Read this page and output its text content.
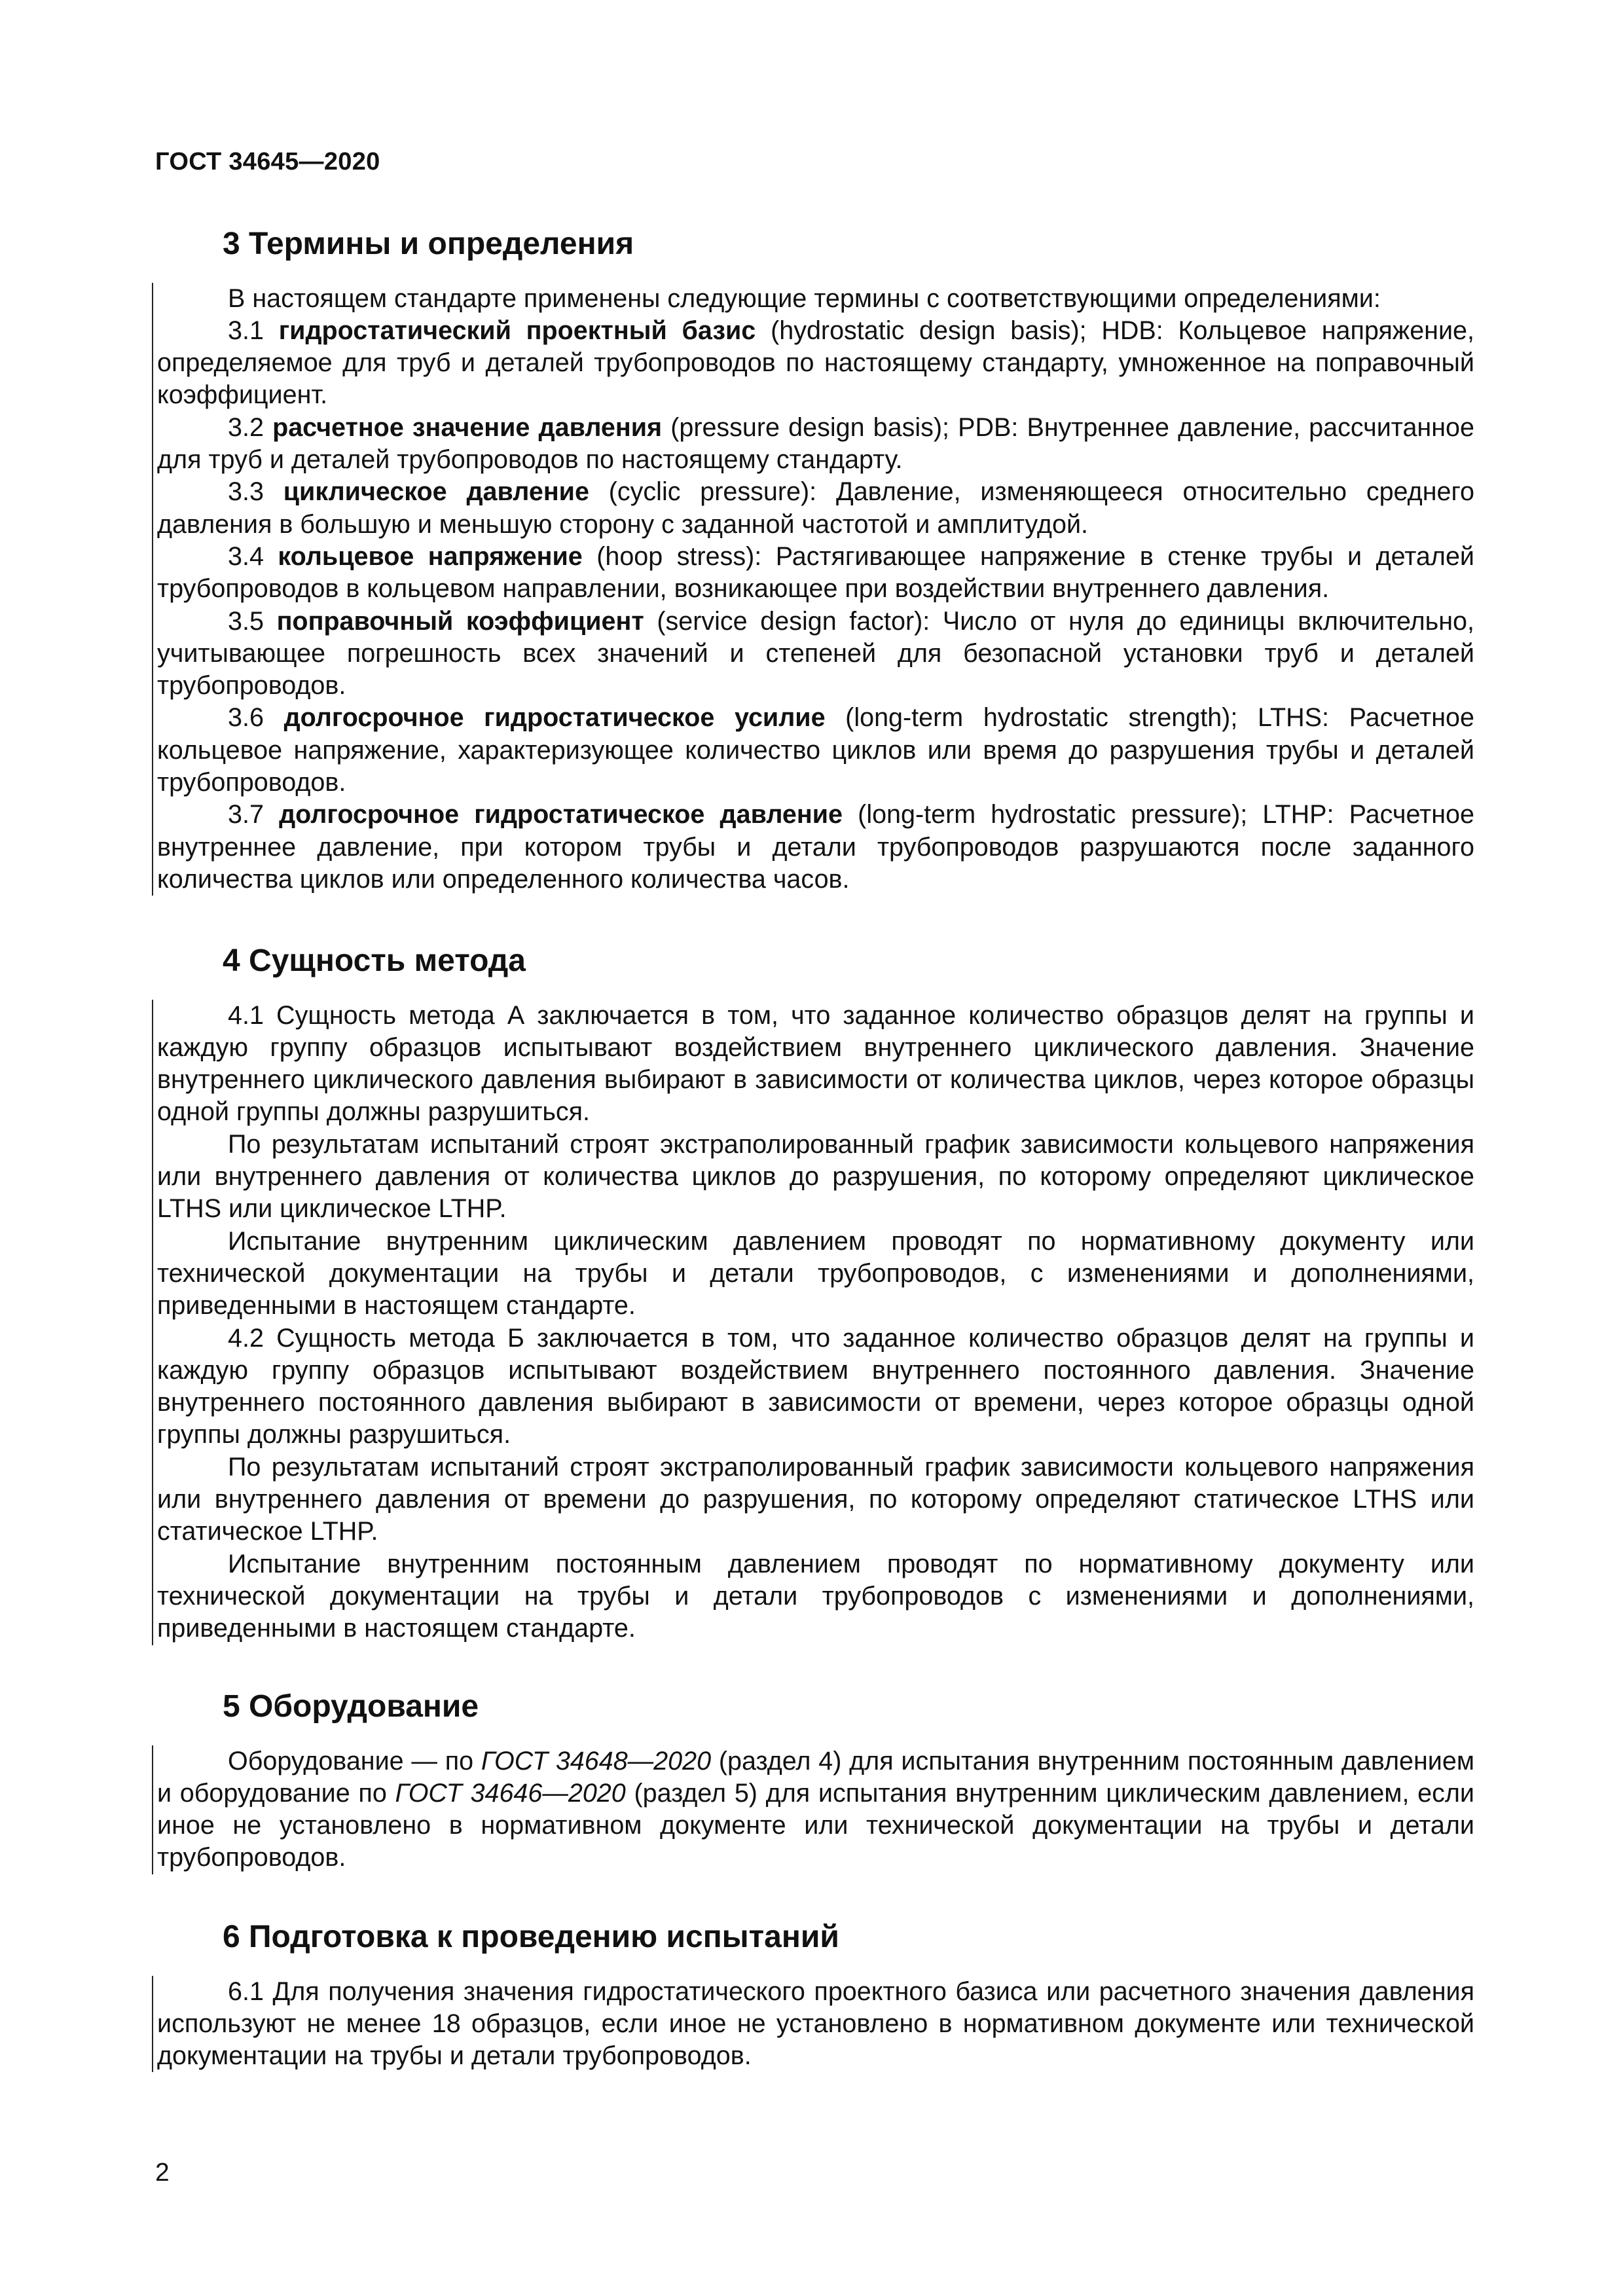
ГОСТ 34645—2020
3 Термины и определения

В настоящем стандарте применены следующие термины с соответствующими определениями:

3.1 гидростатический проектный базис (hydrostatic design basis); HDB: Кольцевое напряжение, определяемое для труб и деталей трубопроводов по настоящему стандарту, умноженное на поправочный коэффициент.

3.2 расчетное значение давления (pressure design basis); PDB: Внутреннее давление, рассчитанное для труб и деталей трубопроводов по настоящему стандарту.

3.3 циклическое давление (cyclic pressure): Давление, изменяющееся относительно среднего давления в большую и меньшую сторону с заданной частотой и амплитудой.

3.4 кольцевое напряжение (hoop stress): Растягивающее напряжение в стенке трубы и деталей трубопроводов в кольцевом направлении, возникающее при воздействии внутреннего давления.

3.5 поправочный коэффициент (service design factor): Число от нуля до единицы включительно, учитывающее погрешность всех значений и степеней для безопасной установки труб и деталей трубопроводов.

3.6 долгосрочное гидростатическое усилие (long-term hydrostatic strength); LTHS: Расчетное кольцевое напряжение, характеризующее количество циклов или время до разрушения трубы и деталей трубопроводов.

3.7 долгосрочное гидростатическое давление (long-term hydrostatic pressure); LTHP: Расчетное внутреннее давление, при котором трубы и детали трубопроводов разрушаются после заданного количества циклов или определенного количества часов.

4 Сущность метода

4.1 Сущность метода А заключается в том, что заданное количество образцов делят на группы и каждую группу образцов испытывают воздействием внутреннего циклического давления. Значение внутреннего циклического давления выбирают в зависимости от количества циклов, через которое образцы одной группы должны разрушиться.

По результатам испытаний строят экстраполированный график зависимости кольцевого напряжения или внутреннего давления от количества циклов до разрушения, по которому определяют циклическое LTHS или циклическое LTHP.

Испытание внутренним циклическим давлением проводят по нормативному документу или технической документации на трубы и детали трубопроводов, с изменениями и дополнениями, приведенными в настоящем стандарте.

4.2 Сущность метода Б заключается в том, что заданное количество образцов делят на группы и каждую группу образцов испытывают воздействием внутреннего постоянного давления. Значение внутреннего постоянного давления выбирают в зависимости от времени, через которое образцы одной группы должны разрушиться.

По результатам испытаний строят экстраполированный график зависимости кольцевого напряжения или внутреннего давления от времени до разрушения, по которому определяют статическое LTHS или статическое LTHP.

Испытание внутренним постоянным давлением проводят по нормативному документу или технической документации на трубы и детали трубопроводов с изменениями и дополнениями, приведенными в настоящем стандарте.

5 Оборудование

Оборудование — по ГОСТ 34648—2020 (раздел 4) для испытания внутренним постоянным давлением и оборудование по ГОСТ 34646—2020 (раздел 5) для испытания внутренним циклическим давлением, если иное не установлено в нормативном документе или технической документации на трубы и детали трубопроводов.

6 Подготовка к проведению испытаний

6.1 Для получения значения гидростатического проектного базиса или расчетного значения давления используют не менее 18 образцов, если иное не установлено в нормативном документе или технической документации на трубы и детали трубопроводов.

2
